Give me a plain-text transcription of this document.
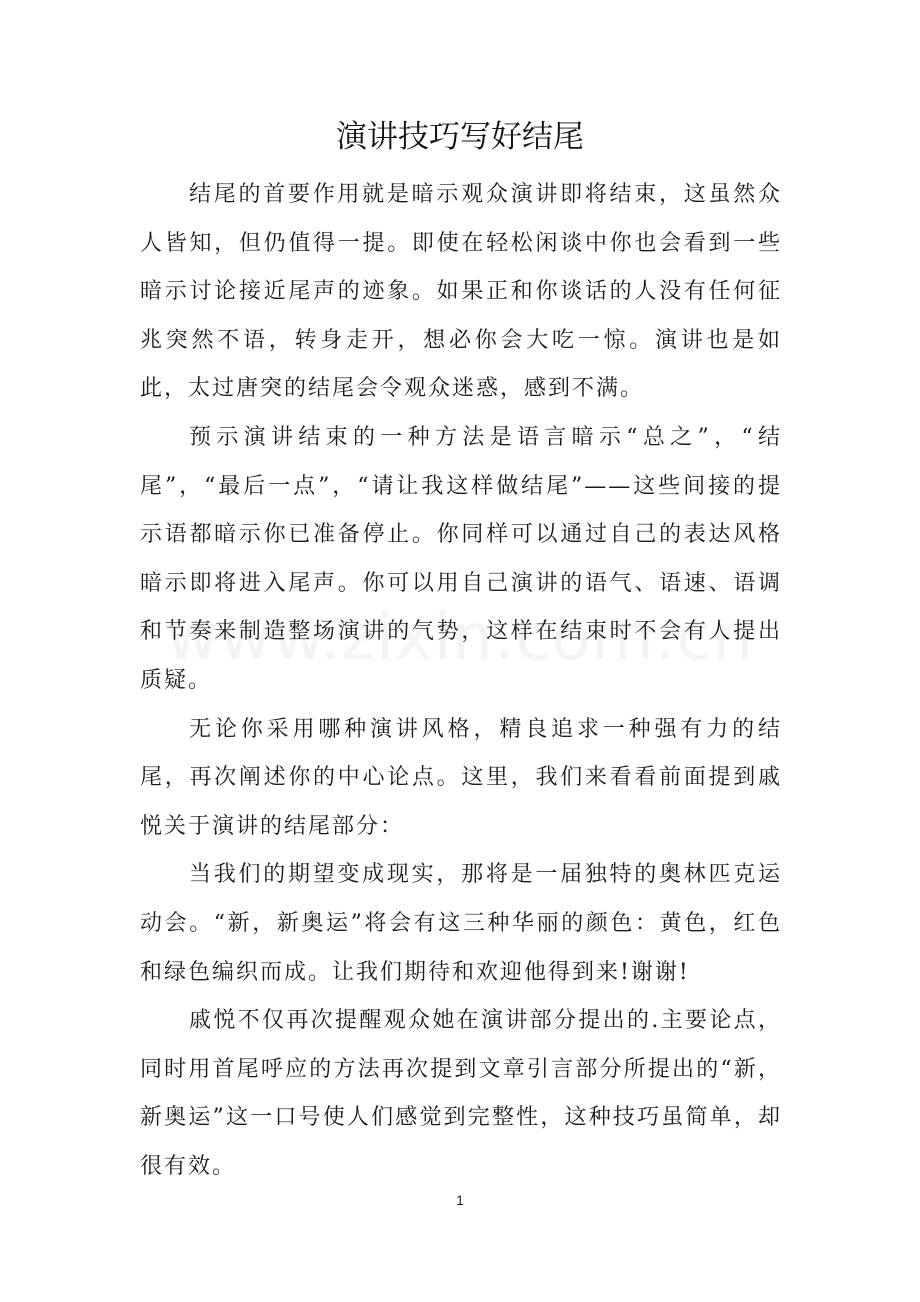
演讲技巧写好结尾

结尾的首要作用就是暗示观众演讲即将结束，这虽然众人皆知，但仍值得一提。即使在轻松闲谈中你也会看到一些暗示讨论接近尾声的迹象。如果正和你谈话的人没有任何征兆突然不语，转身走开，想必你会大吃一惊。演讲也是如此，太过唐突的结尾会令观众迷惑，感到不满。

预示演讲结束的一种方法是语言暗示“总之”，“结尾”，“最后一点”，“请让我这样做结尾”——这些间接的提示语都暗示你已准备停止。你同样可以通过自己的表达风格暗示即将进入尾声。你可以用自己演讲的语气、语速、语调和节奏来制造整场演讲的气势，这样在结束时不会有人提出质疑。

无论你采用哪种演讲风格，精良追求一种强有力的结尾，再次阐述你的中心论点。这里，我们来看看前面提到戚悦关于演讲的结尾部分：

当我们的期望变成现实，那将是一届独特的奥林匹克运动会。“新，新奥运”将会有这三种华丽的颜色：黄色，红色和绿色编织而成。让我们期待和欢迎他得到来!谢谢!

戚悦不仅再次提醒观众她在演讲部分提出的.主要论点，同时用首尾呼应的方法再次提到文章引言部分所提出的“新，新奥运”这一口号使人们感觉到完整性，这种技巧虽简单，却很有效。

1
